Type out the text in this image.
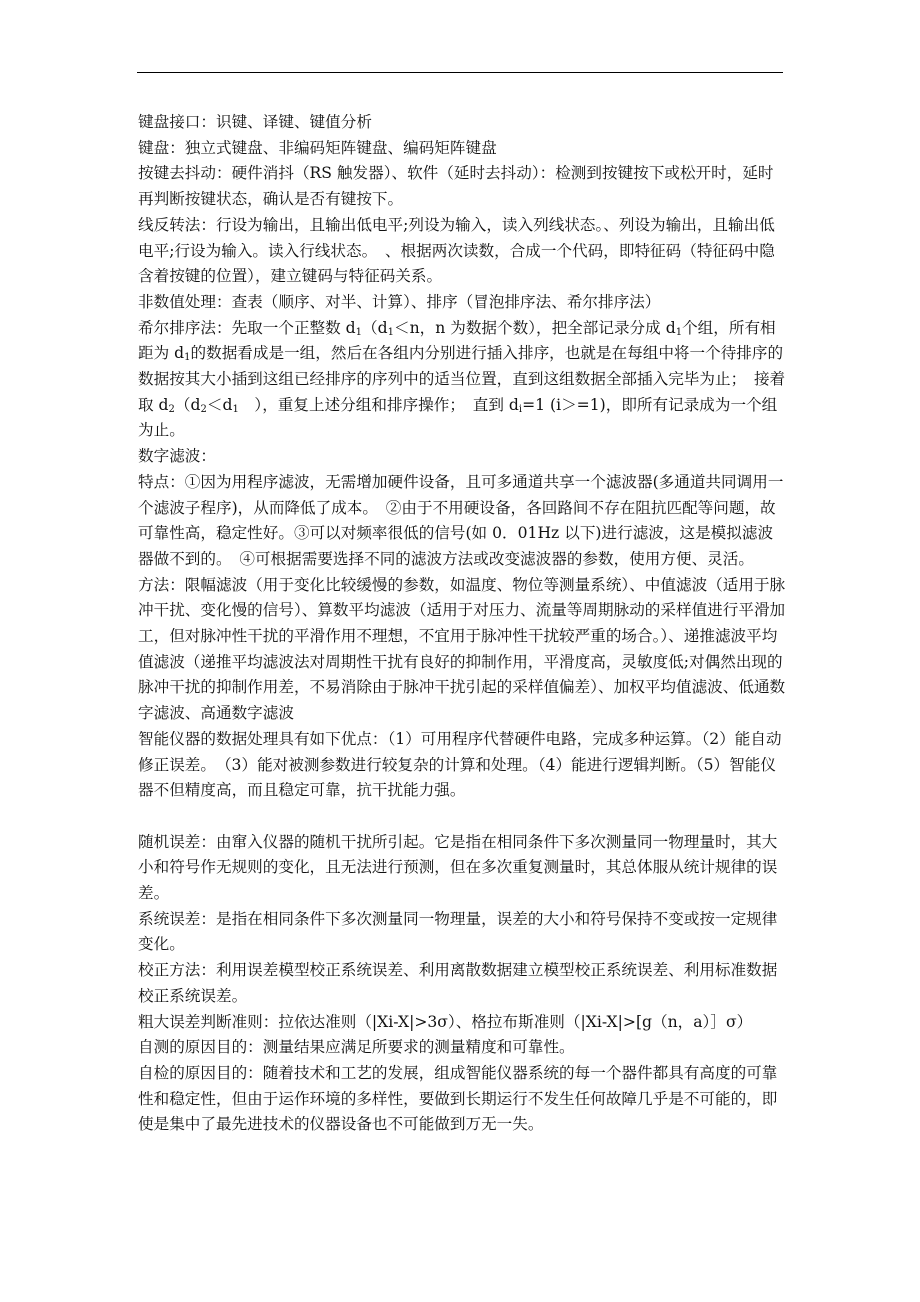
键盘接口：识键、译键、键值分析

键盘：独立式键盘、非编码矩阵键盘、编码矩阵键盘

按键去抖动：硬件消抖（RS 触发器）、软件（延时去抖动）：检测到按键按下或松开时，延时再判断按键状态，确认是否有键按下。

线反转法：行设为输出，且输出低电平;列设为输入，读入列线状态。、列设为输出，且输出低电平;行设为输入。读入行线状态。　、根据两次读数，合成一个代码，即特征码（特征码中隐含着按键的位置），建立键码与特征码关系。

非数值处理：查表（顺序、对半、计算）、排序（冒泡排序法、希尔排序法）

希尔排序法：先取一个正整数 $d_1(d_1<n$，n 为数据个数），把全部记录分成 $d_1$个组，所有相距为 $d_1$的数据看成是一组，然后在各组内分别进行插入排序，也就是在每组中将一个待排序的数据按其大小插到这组已经排序的序列中的适当位置，直到这组数据全部插入完毕为止；　接着取 $d_2(d_2<d_1$　），重复上述分组和排序操作；　直到 $d_i=1$ (i＞=1)，即所有记录成为一个组为止。

数字滤波：

特点：①因为用程序滤波，无需增加硬件设备，且可多通道共享一个滤波器(多通道共同调用一个滤波子程序)，从而降低了成本。　②由于不用硬设备，各回路间不存在阻抗匹配等问题，故可靠性高，稳定性好。③可以对频率很低的信号(如 0．01Hz 以下)进行滤波，这是模拟滤波器做不到的。　④可根据需要选择不同的滤波方法或改变滤波器的参数，使用方便、灵活。

方法：限幅滤波（用于变化比较缓慢的参数，如温度、物位等测量系统）、中值滤波（适用于脉冲干扰、变化慢的信号）、算数平均滤波（适用于对压力、流量等周期脉动的采样值进行平滑加工，但对脉冲性干扰的平滑作用不理想，不宜用于脉冲性干扰较严重的场合。）、递推滤波平均值滤波（递推平均滤波法对周期性干扰有良好的抑制作用，平滑度高，灵敏度低;对偶然出现的脉冲干扰的抑制作用差，不易消除由于脉冲干扰引起的采样值偏差）、加权平均值滤波、低通数字滤波、高通数字滤波

智能仪器的数据处理具有如下优点：（1）可用程序代替硬件电路，完成多种运算。（2）能自动修正误差。　（3）能对被测参数进行较复杂的计算和处理。（4）能进行逻辑判断。（5）智能仪器不但精度高，而且稳定可靠，抗干扰能力强。

随机误差：由窜入仪器的随机干扰所引起。它是指在相同条件下多次测量同一物理量时，其大小和符号作无规则的变化，且无法进行预测，但在多次重复测量时，其总体服从统计规律的误差。

系统误差：是指在相同条件下多次测量同一物理量，误差的大小和符号保持不变或按一定规律变化。

校正方法：利用误差模型校正系统误差、利用离散数据建立模型校正系统误差、利用标准数据校正系统误差。

粗大误差判断准则：拉依达准则（|Xi-X|>3σ）、格拉布斯准则（|Xi-X|>[g（n，a）］σ）

自测的原因目的：测量结果应满足所要求的测量精度和可靠性。

自检的原因目的：随着技术和工艺的发展，组成智能仪器系统的每一个器件都具有高度的可靠性和稳定性，但由于运作环境的多样性，要做到长期运行不发生任何故障几乎是不可能的，即使是集中了最先进技术的仪器设备也不可能做到万无一失。
